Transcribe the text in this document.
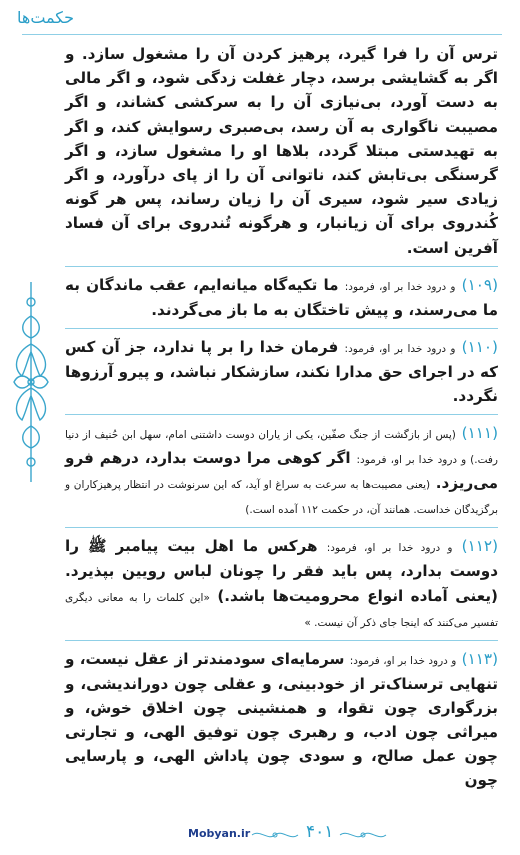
حکمت‌ها

ترس آن را فرا گیرد، پرهیز کردن آن را مشغول سازد. و اگر به گشایشی برسد، دچار غفلت زدگی شود، و اگر مالی به دست آورد، بی‌نیازی آن را به سرکشی کشاند، و اگر مصیبت ناگواری به آن رسد، بی‌صبری رسوایش کند، و اگر به تهیدستی مبتلا گردد، بلاها او را مشغول سازد، و اگر گرسنگی بی‌تابش کند، ناتوانی آن را از پای درآورد، و اگر زیادی سیر شود، سیری آن را زیان رساند، پس هر گونه کُندروی برای آن زیانبار، و هرگونه تُندروی برای آن فساد آفرین است.

(۱۰۹) و درود خدا بر او، فرمود: ما تکیه‌گاه میانه‌ایم، عقب ماندگان به ما می‌رسند، و پیش تاختگان به ما باز می‌گردند.

(۱۱۰) و درود خدا بر او، فرمود: فرمان خدا را بر پا ندارد، جز آن کس که در اجرای حق مدارا نکند، سازشکار نباشد، و پیرو آرزوها نگردد.

(۱۱۱) (پس از بازگشت از جنگ صفّین، یکی از یاران دوست داشتنی امام، سهل ابن حُنیف از دنیا رفت.) و درود خدا بر او، فرمود: اگر کوهی مرا دوست بدارد، درهم فرو می‌ریزد. (یعنی مصیبت‌ها به سرعت به سراغ او آید، که این سرنوشت در انتظار پرهیزکاران و برگزیدگان خداست. همانند آن، در حکمت ۱۱۲ آمده است.)

(۱۱۲) و درود خدا بر او، فرمود: هرکس ما اهل بیت پیامبر ﷺ را دوست بدارد، پس باید فقر را چونان لباس رویین بپذیرد. (یعنی آماده انواع محرومیت‌ها باشد.) «این کلمات را به معانی دیگری تفسیر می‌کنند که اینجا جای ذکر آن نیست. »

(۱۱۳) و درود خدا بر او، فرمود: سرمایه‌ای سودمندتر از عقل نیست، و تنهایی ترسناک‌تر از خودبینی، و عقلی چون دوراندیشی، و بزرگواری چون تقوا، و همنشینی چون اخلاق خوش، و میراثی چون ادب، و رهبری چون توفیق الهی، و تجارتی چون عمل صالح، و سودی چون پاداش الهی، و پارسایی چون

Mobyan.ir	۴۰۱
